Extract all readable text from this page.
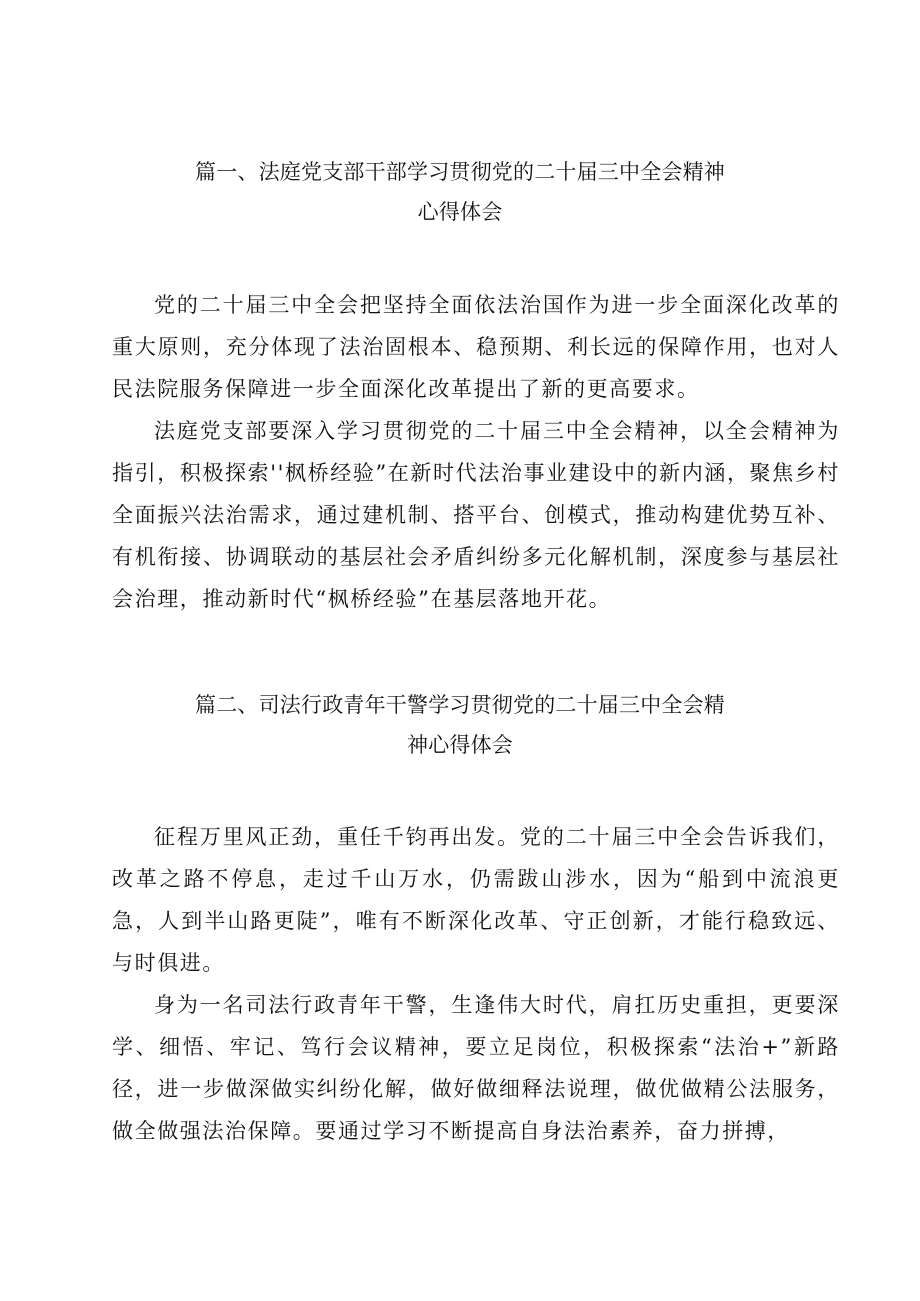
篇一、法庭党支部干部学习贯彻党的二十届三中全会精神
心得体会

党的二十届三中全会把坚持全面依法治国作为进一步全面深化改革的重大原则，充分体现了法治固根本、稳预期、利长远的保障作用，也对人民法院服务保障进一步全面深化改革提出了新的更高要求。

法庭党支部要深入学习贯彻党的二十届三中全会精神，以全会精神为指引，积极探索''枫桥经验”在新时代法治事业建设中的新内涵，聚焦乡村全面振兴法治需求，通过建机制、搭平台、创模式，推动构建优势互补、有机衔接、协调联动的基层社会矛盾纠纷多元化解机制，深度参与基层社会治理，推动新时代“枫桥经验”在基层落地开花。

篇二、司法行政青年干警学习贯彻党的二十届三中全会精
神心得体会

征程万里风正劲，重任千钧再出发。党的二十届三中全会告诉我们，改革之路不停息，走过千山万水，仍需跋山涉水，因为“船到中流浪更急，人到半山路更陡”，唯有不断深化改革、守正创新，才能行稳致远、与时俱进。

身为一名司法行政青年干警，生逢伟大时代，肩扛历史重担，更要深学、细悟、牢记、笃行会议精神，要立足岗位，积极探索“法治+”新路径，进一步做深做实纠纷化解，做好做细释法说理，做优做精公法服务，做全做强法治保障。要通过学习不断提高自身法治素养，奋力拼搏，
